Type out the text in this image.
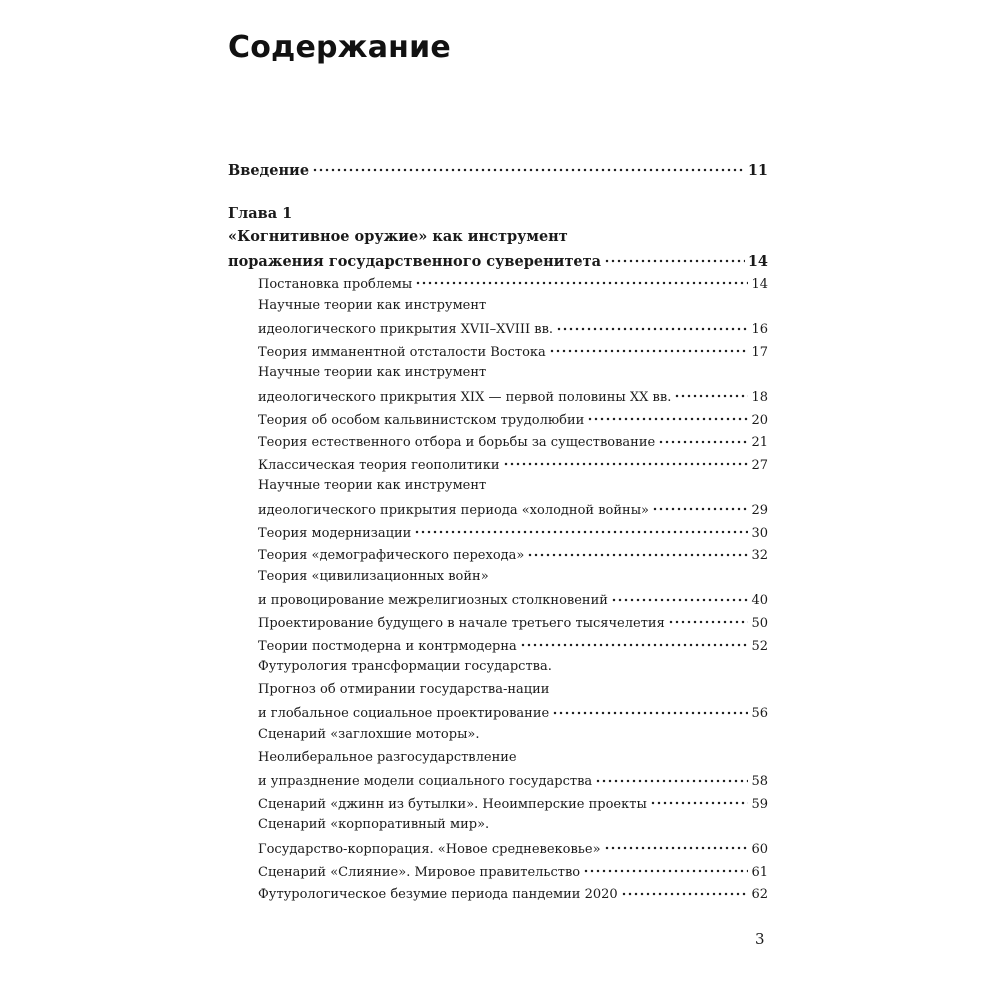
Содержание
Введение	11
Глава 1
«Когнитивное оружие» как инструмент
поражения государственного суверенитета	14
Постановка проблемы	14
Научные теории как инструмент
идеологического прикрытия XVII–XVIII вв.	16
Теория имманентной отсталости Востока	17
Научные теории как инструмент
идеологического прикрытия XIX — первой половины XX вв.	18
Теория об особом кальвинистском трудолюбии	20
Теория естественного отбора и борьбы за существование	21
Классическая теория геополитики	27
Научные теории как инструмент
идеологического прикрытия периода «холодной войны»	29
Теория модернизации	30
Теория «демографического перехода»	32
Теория «цивилизационных войн»
и провоцирование межрелигиозных столкновений	40
Проектирование будущего в начале третьего тысячелетия	50
Теории постмодерна и контрмодерна	52
Футурология трансформации государства.
Прогноз об отмирании государства-нации
и глобальное социальное проектирование	56
Сценарий «заглохшие моторы».
Неолиберальное разгосударствление
и упразднение модели социального государства	58
Сценарий «джинн из бутылки». Неоимперские проекты	59
Сценарий «корпоративный мир».
Государство-корпорация. «Новое средневековье»	60
Сценарий «Слияние». Мировое правительство	61
Футурологическое безумие периода пандемии 2020	62
3
